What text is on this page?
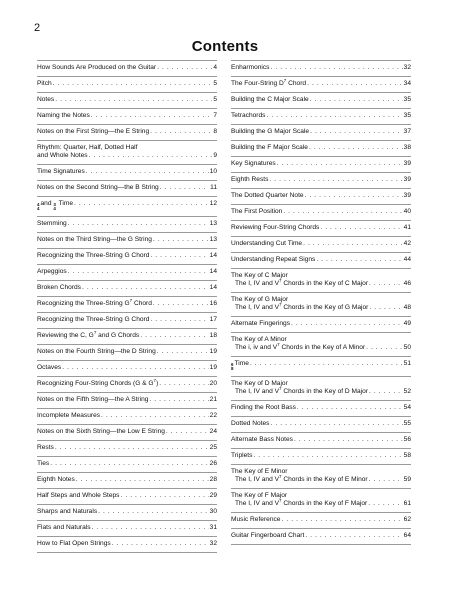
2
Contents
How Sounds Are Produced on the Guitar . . .	4
Pitch . . .	5
Notes . . .	5
Naming the Notes . . .	7
Notes on the First String—the E String . . .	8
Rhythm: Quarter, Half, Dotted Half
and Whole Notes . . .	9
Time Signatures . . .	10
Notes on the Second String—the B String . . .	11
4
4
and 3
4
Time . . .	12
Stemming . . .	13
Notes on the Third String—the G String . . .	13
Recognizing the Three-String G Chord . . .	14
Arpeggios . . .	14
Broken Chords . . .	14
Recognizing the Three-String $G^7$ Chord . . .	16
Recognizing the Three-String G Chord . . .	17
Reviewing the C, $G^7$ and G Chords . . .	18
Notes on the Fourth String—the D String . . .	19
Octaves . . .	19
Recognizing Four-String Chords (G & $G^7$) . . .	20
Notes on the Fifth String—the A String . . .	21
Incomplete Measures . . .	22
Notes on the Sixth String—the Low E String . . .	24
Rests . . .	25
Ties . . .	26
Eighth Notes . . .	28
Half Steps and Whole Steps . . .	29
Sharps and Naturals . . .	30
Flats and Naturals . . .	31
How to Flat Open Strings . . .	32
Enharmonics . . .	32
The Four-String $D^7$ Chord . . .	34
Building the C Major Scale . . .	35
Tetrachords . . .	35
Building the G Major Scale . . .	37
Building the F Major Scale . . .	38
Key Signatures . . .	39
Eighth Rests . . .	39
The Dotted Quarter Note . . .	39
The First Position . . .	40
Reviewing Four-String Chords . . .	41
Understanding Cut Time . . .	42
Understanding Repeat Signs . . .	44
The Key of C Major
The I, IV and $V^7$ Chords in the Key of C Major . . .	46
The Key of G Major
The I, IV and $V^7$ Chords in the Key of G Major . . .	48
Alternate Fingerings . . .	49
The Key of A Minor
The i, iv and $V^7$ Chords in the Key of A Minor . . .	50
6
8
Time . . .	51
The Key of D Major
The I, IV and $V^7$ Chords in the Key of D Major . . .	52
Finding the Root Bass . . .	54
Dotted Notes . . .	55
Alternate Bass Notes . . .	56
Triplets . . .	58
The Key of E Minor
The I, IV and $V^7$ Chords in the Key of E Minor . . .	59
The Key of F Major
The I, IV and $V^7$ Chords in the Key of F Major . . .	61
Music Reference . . .	62
Guitar Fingerboard Chart . . .	64
